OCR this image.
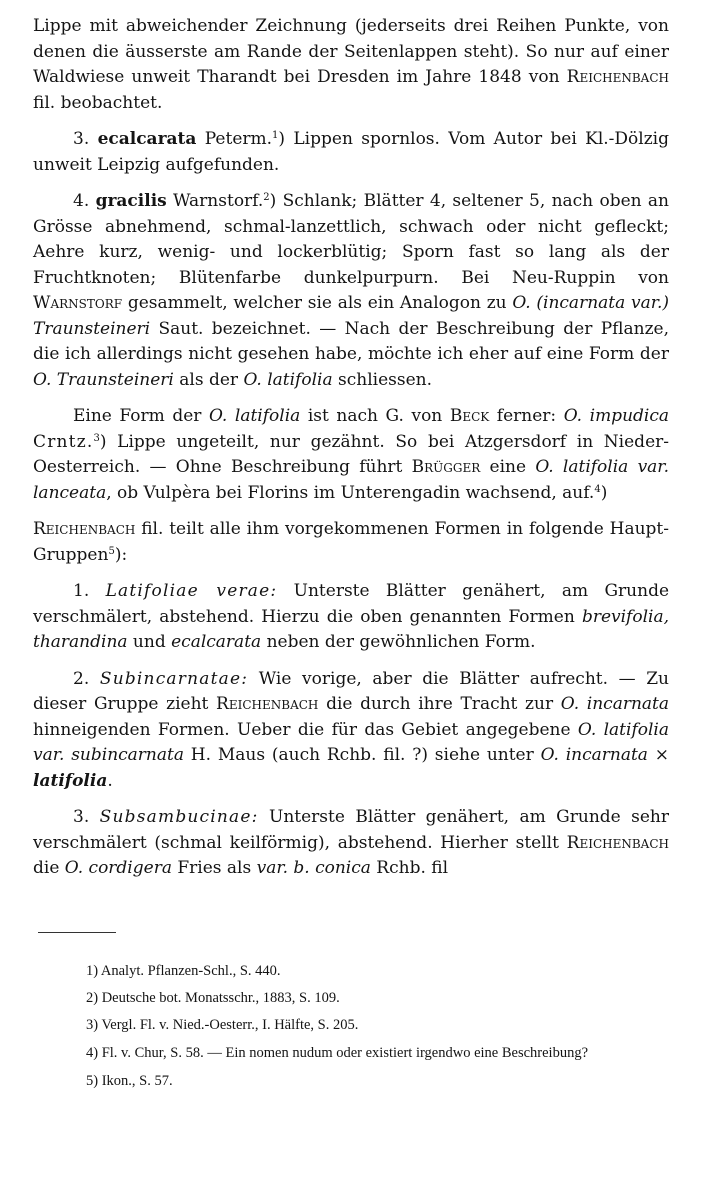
Lippe mit abweichender Zeichnung (jederseits drei Reihen Punkte, von denen die äusserste am Rande der Seitenlappen steht). So nur auf einer Waldwiese unweit Tharandt bei Dresden im Jahre 1848 von Reichenbach fil. beobachtet.

3. ecalcarata Peterm.$^1$) Lippen spornlos. Vom Autor bei Kl.-Dölzig unweit Leipzig aufgefunden.

4. gracilis Warnstorf.$^2$) Schlank; Blätter 4, seltener 5, nach oben an Grösse abnehmend, schmal-lanzettlich, schwach oder nicht gefleckt; Aehre kurz, wenig- und lockerblütig; Sporn fast so lang als der Fruchtknoten; Blütenfarbe dunkelpurpurn. Bei Neu-Ruppin von Warnstorf gesammelt, welcher sie als ein Analogon zu O. (incarnata var.) Traunsteineri Saut. bezeichnet. — Nach der Beschreibung der Pflanze, die ich allerdings nicht gesehen habe, möchte ich eher auf eine Form der O. Traunsteineri als der O. latifolia schliessen.

Eine Form der O. latifolia ist nach G. von Beck ferner: O. impudica Crntz.$^3$) Lippe ungeteilt, nur gezähnt. So bei Atzgersdorf in Nieder-Oesterreich. — Ohne Beschreibung führt Brügger eine O. latifolia var. lanceata, ob Vulpèra bei Florins im Unterengadin wachsend, auf.$^4$)

Reichenbach fil. teilt alle ihm vorgekommenen Formen in folgende Haupt-Gruppen$^5$):

1. Latifoliae verae: Unterste Blätter genähert, am Grunde verschmälert, abstehend. Hierzu die oben genannten Formen brevifolia, tharandina und ecalcarata neben der gewöhnlichen Form.

2. Subincarnatae: Wie vorige, aber die Blätter aufrecht. — Zu dieser Gruppe zieht Reichenbach die durch ihre Tracht zur O. incarnata hinneigenden Formen. Ueber die für das Gebiet angegebene O. latifolia var. subincarnata H. Maus (auch Rchb. fil. ?) siehe unter O. incarnata × latifolia.

3. Subsambucinae: Unterste Blätter genähert, am Grunde sehr verschmälert (schmal keilförmig), abstehend. Hierher stellt Reichenbach die O. cordigera Fries als var. b. conica Rchb. fil

1) Analyt. Pflanzen-Schl., S. 440.

2) Deutsche bot. Monatsschr., 1883, S. 109.

3) Vergl. Fl. v. Nied.-Oesterr., I. Hälfte, S. 205.

4) Fl. v. Chur, S. 58. — Ein nomen nudum oder existiert irgendwo eine Beschreibung?

5) Ikon., S. 57.
